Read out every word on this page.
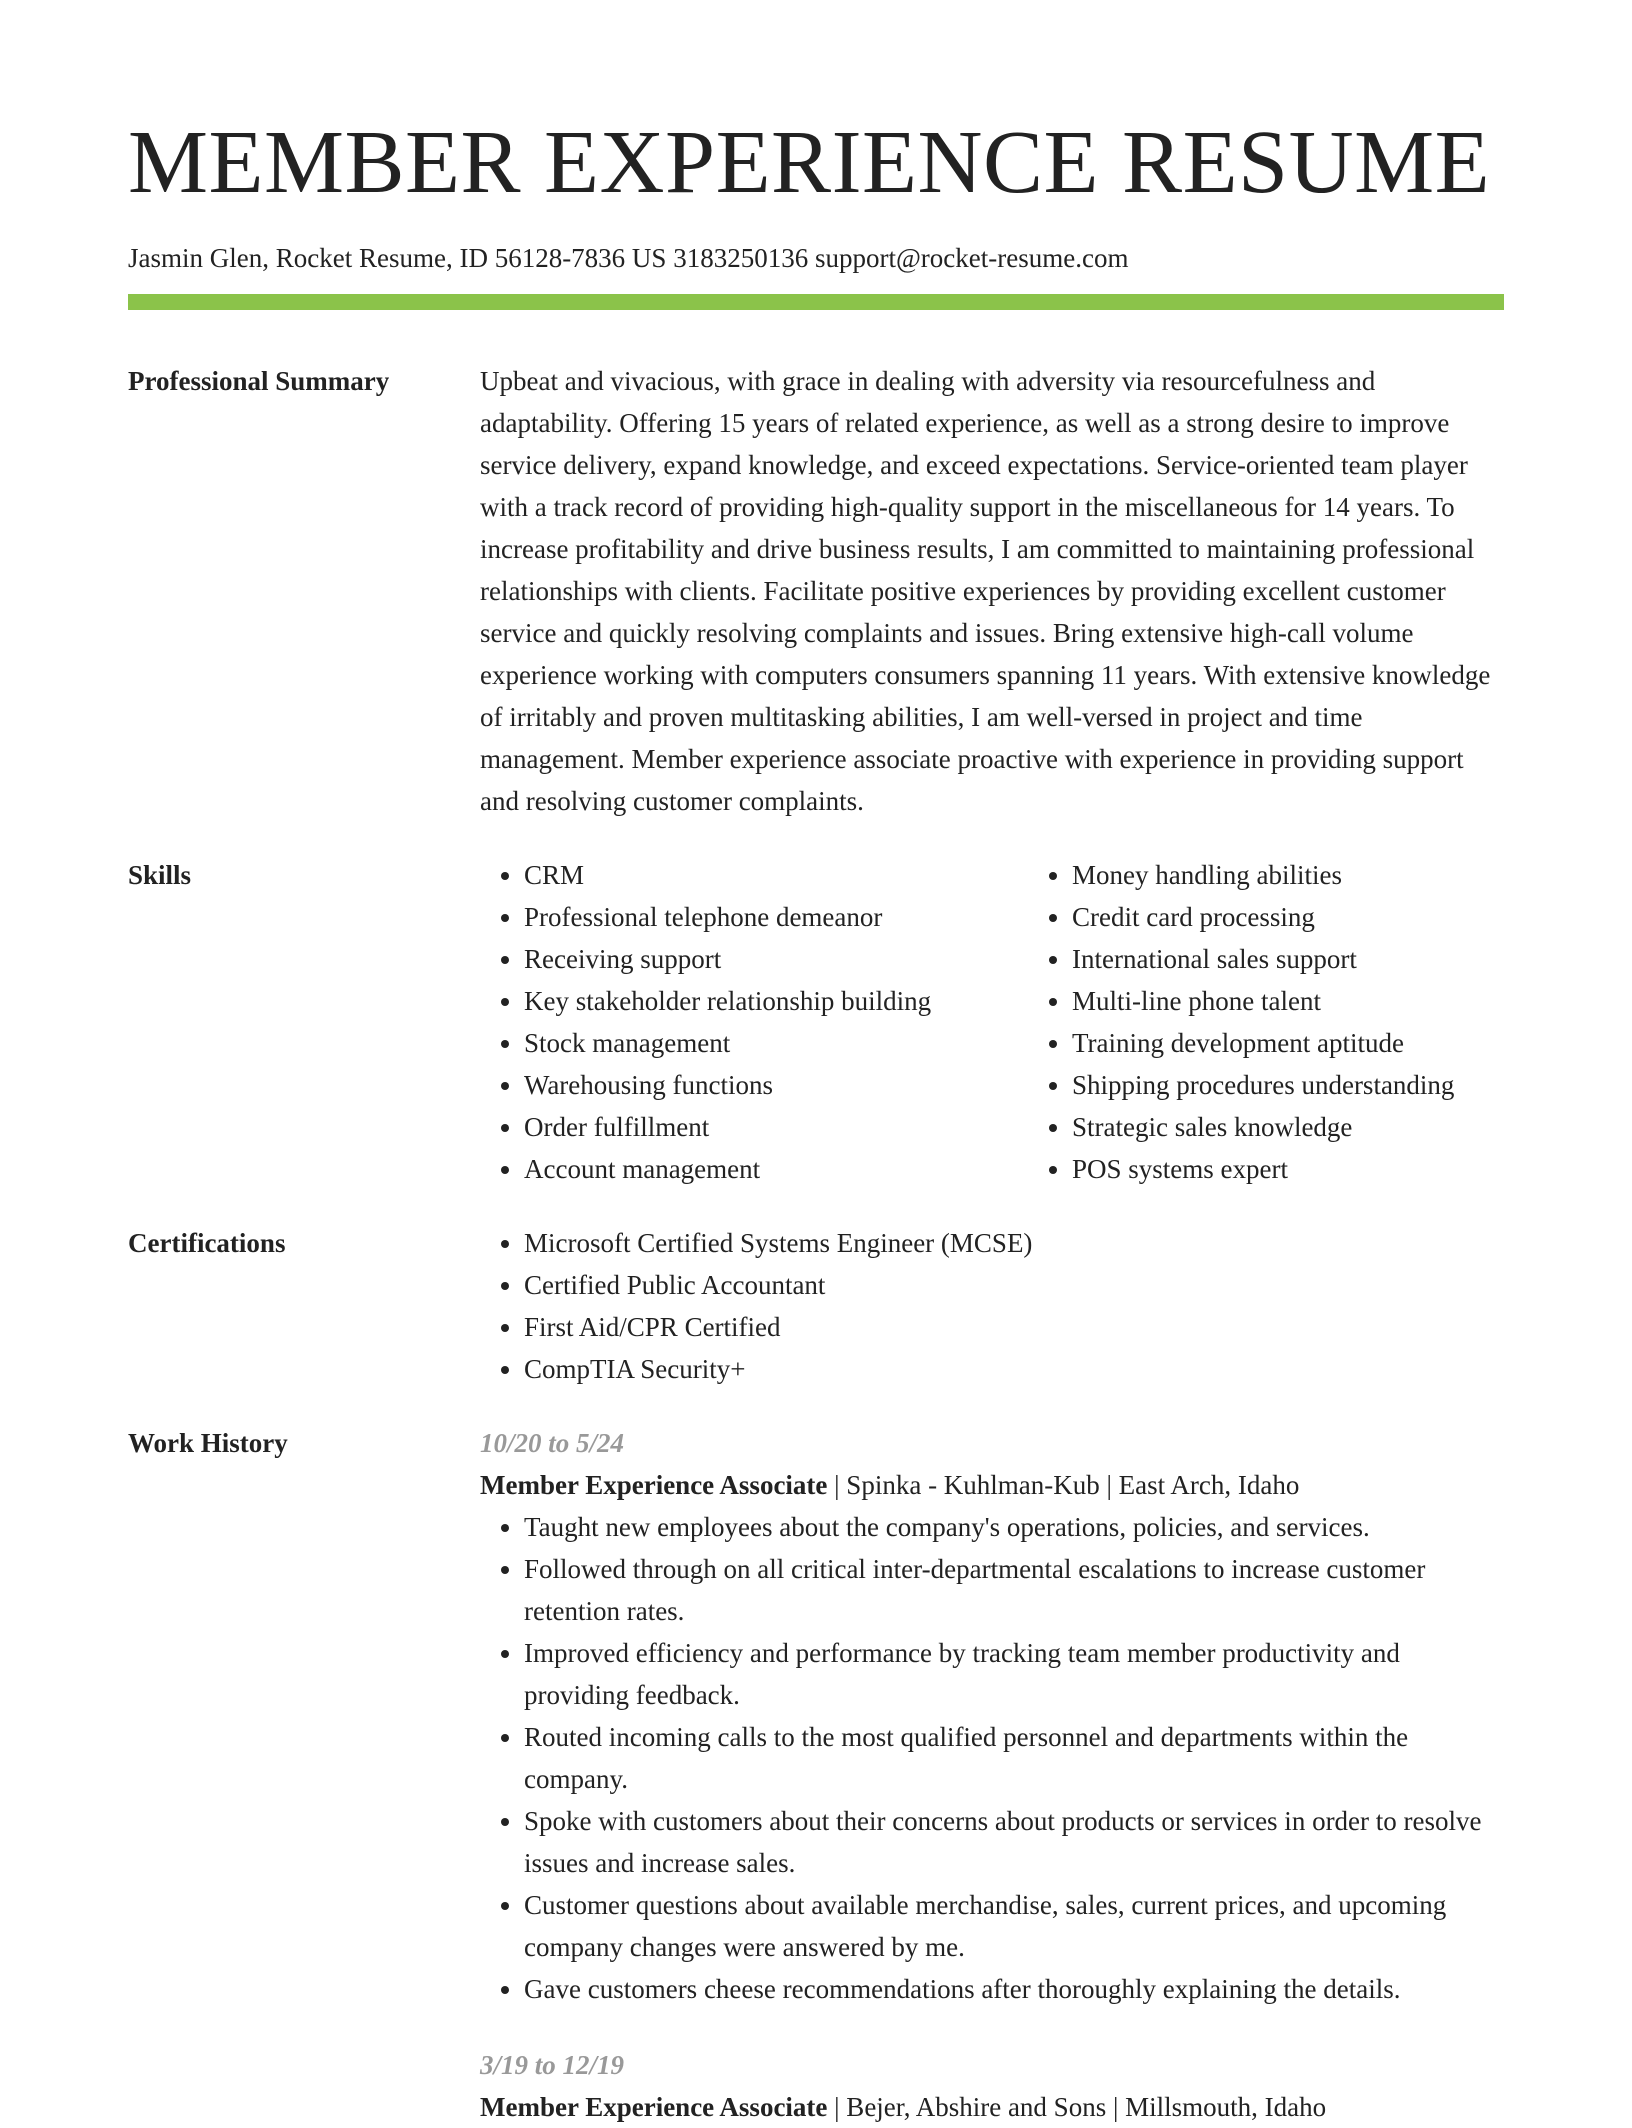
MEMBER EXPERIENCE RESUME
Jasmin Glen, Rocket Resume, ID 56128-7836 US 3183250136 support@rocket-resume.com
Professional Summary	Upbeat and vivacious, with grace in dealing with adversity via resourcefulness and adaptability. Offering 15 years of related experience, as well as a strong desire to improve service delivery, expand knowledge, and exceed expectations. Service-oriented team player with a track record of providing high-quality support in the miscellaneous for 14 years. To increase profitability and drive business results, I am committed to maintaining professional relationships with clients. Facilitate positive experiences by providing excellent customer service and quickly resolving complaints and issues. Bring extensive high-call volume experience working with computers consumers spanning 11 years. With extensive knowledge of irritably and proven multitasking abilities, I am well-versed in project and time management. Member experience associate proactive with experience in providing support and resolving customer complaints.
Skills	• CRM
• Professional telephone demeanor
• Receiving support
• Key stakeholder relationship building
• Stock management
• Warehousing functions
• Order fulfillment
• Account management
• Money handling abilities
• Credit card processing
• International sales support
• Multi-line phone talent
• Training development aptitude
• Shipping procedures understanding
• Strategic sales knowledge
• POS systems expert
Certifications	• Microsoft Certified Systems Engineer (MCSE)
• Certified Public Accountant
• First Aid/CPR Certified
• CompTIA Security+
Work History	10/20 to 5/24
Member Experience Associate | Spinka - Kuhlman-Kub | East Arch, Idaho
• Taught new employees about the company's operations, policies, and services.
• Followed through on all critical inter-departmental escalations to increase customer retention rates.
• Improved efficiency and performance by tracking team member productivity and providing feedback.
• Routed incoming calls to the most qualified personnel and departments within the company.
• Spoke with customers about their concerns about products or services in order to resolve issues and increase sales.
• Customer questions about available merchandise, sales, current prices, and upcoming company changes were answered by me.
• Gave customers cheese recommendations after thoroughly explaining the details.
3/19 to 12/19
Member Experience Associate | Bejer, Abshire and Sons | Millsmouth, Idaho
